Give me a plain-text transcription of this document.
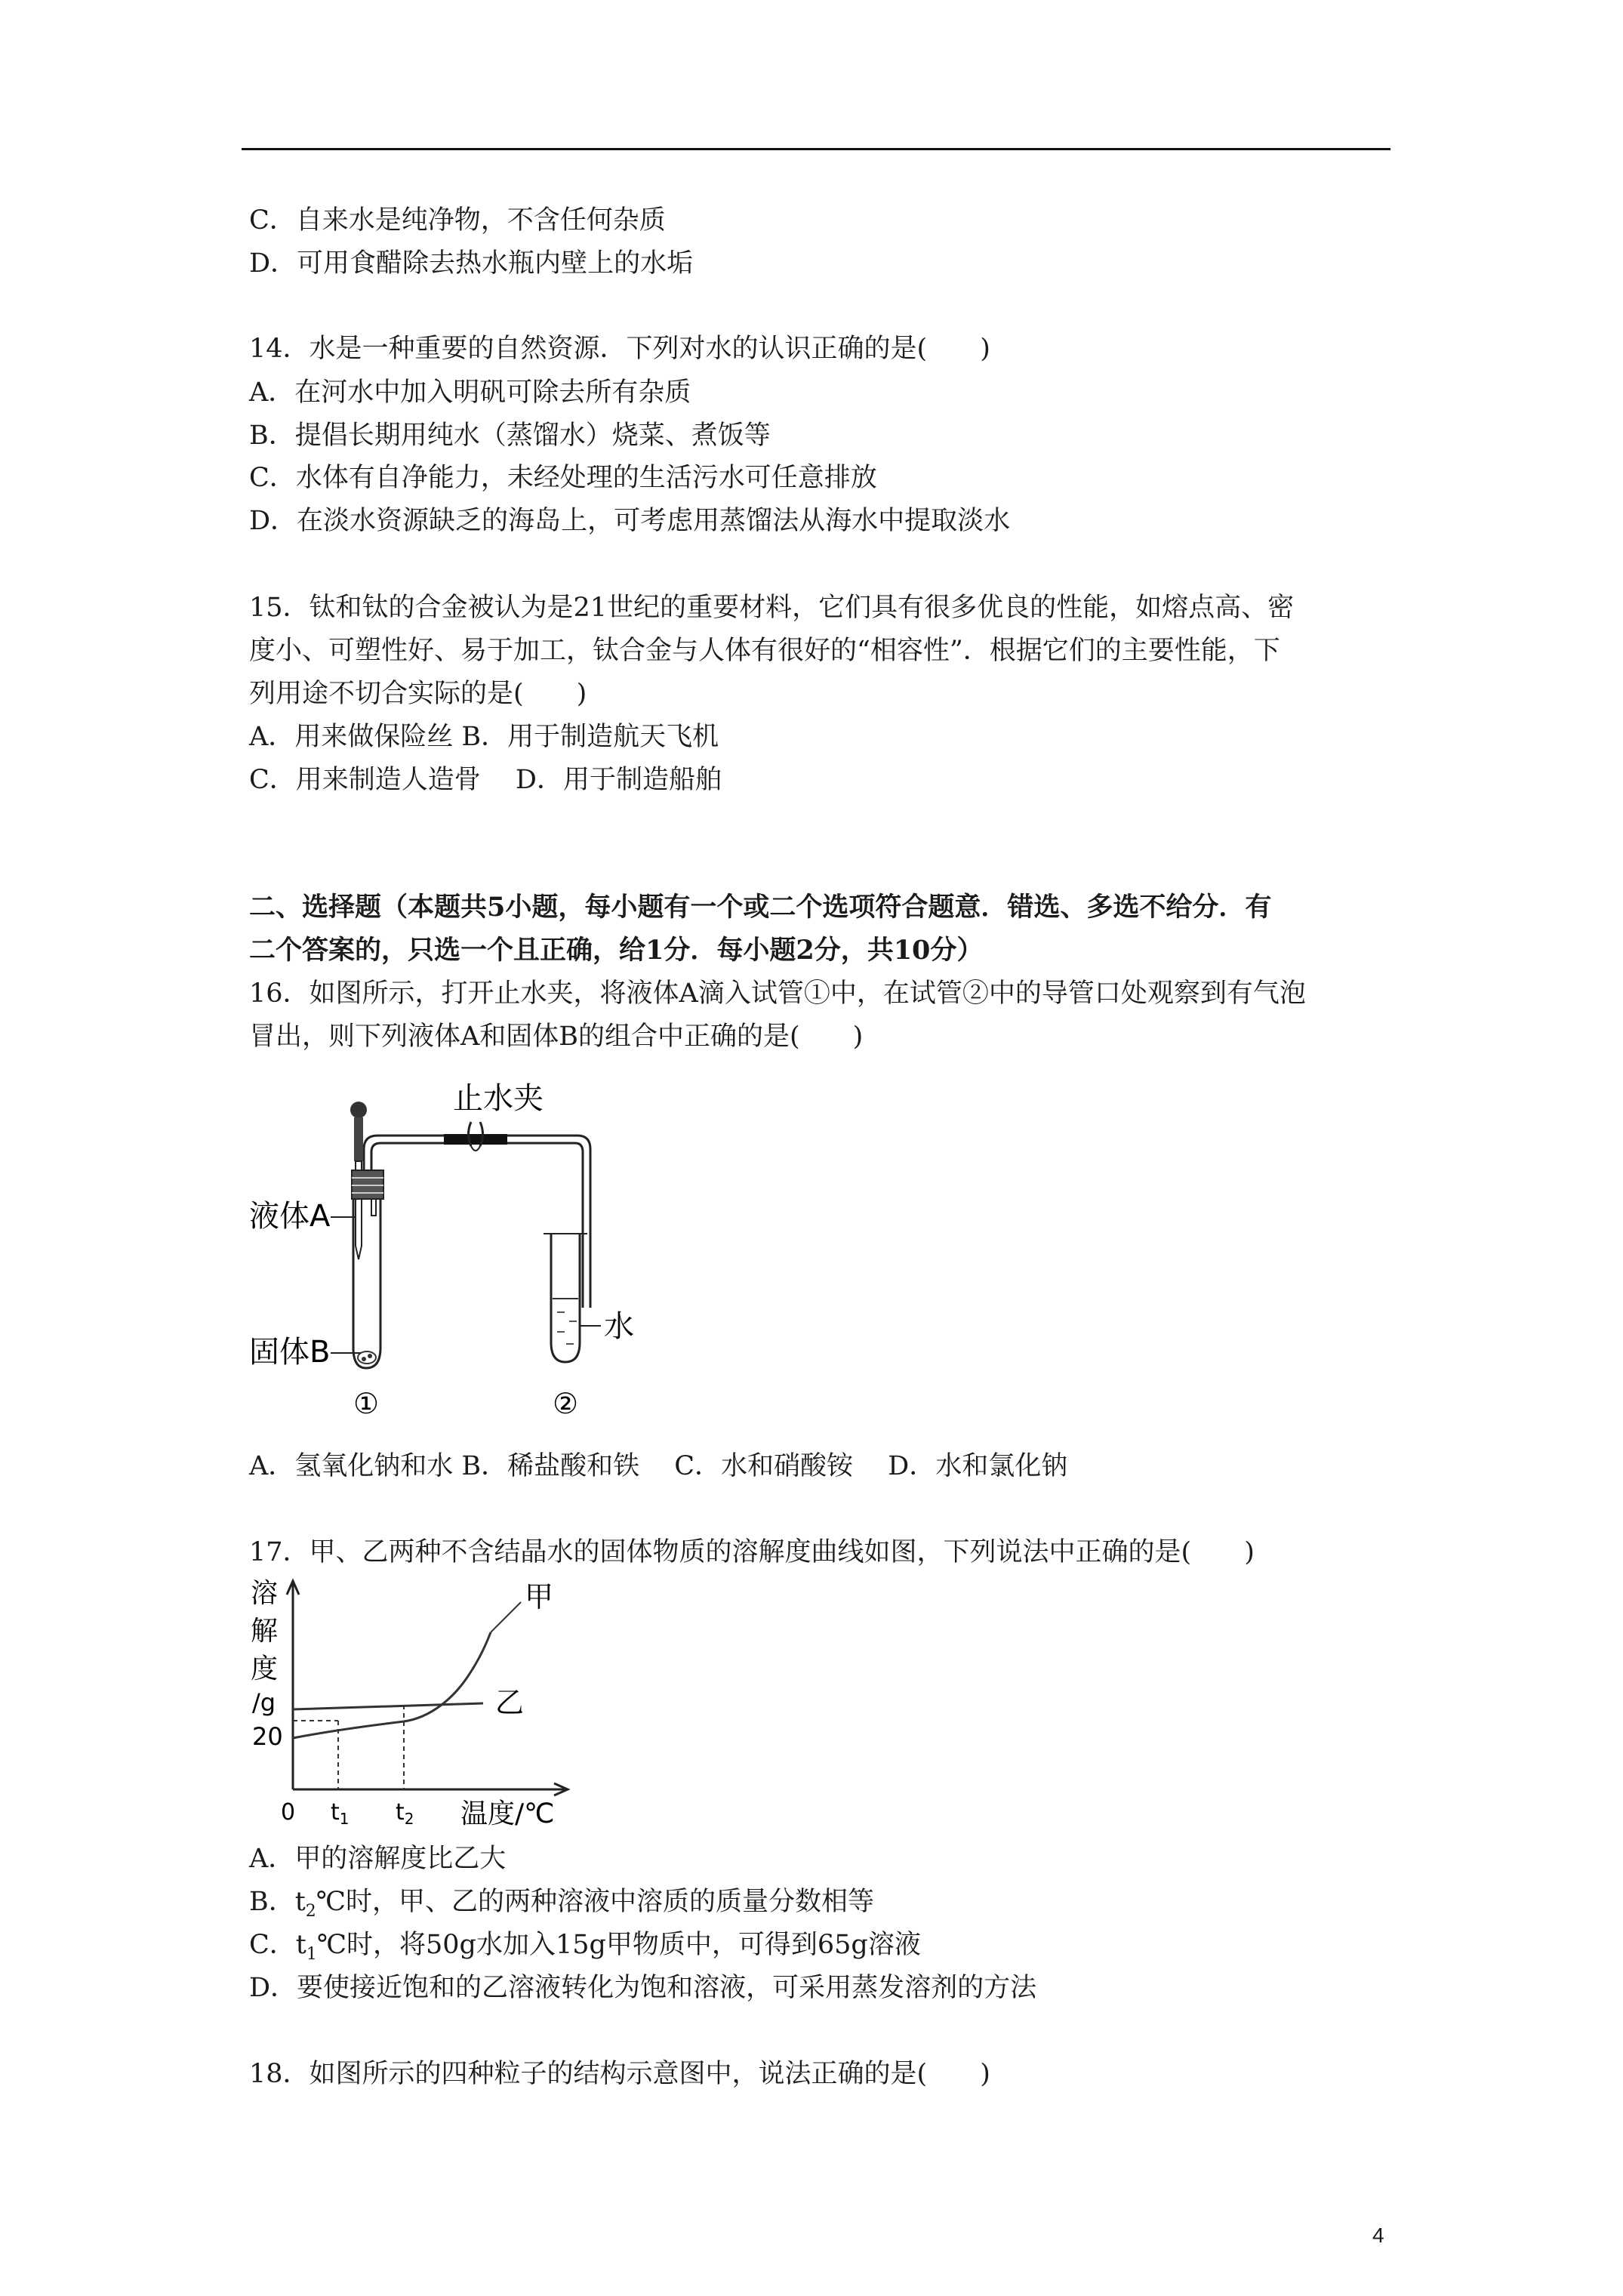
C．自来水是纯净物，不含任何杂质
D．可用食醋除去热水瓶内壁上的水垢
14．水是一种重要的自然资源．下列对水的认识正确的是(　　)
A．在河水中加入明矾可除去所有杂质
B．提倡长期用纯水（蒸馏水）烧菜、煮饭等
C．水体有自净能力，未经处理的生活污水可任意排放
D．在淡水资源缺乏的海岛上，可考虑用蒸馏法从海水中提取淡水
15．钛和钛的合金被认为是21世纪的重要材料，它们具有很多优良的性能，如熔点高、密
度小、可塑性好、易于加工，钛合金与人体有很好的“相容性”．根据它们的主要性能，下
列用途不切合实际的是(　　)
A．用来做保险丝 B．用于制造航天飞机
C．用来制造人造骨　 D．用于制造船舶
二、选择题（本题共5小题，每小题有一个或二个选项符合题意．错选、多选不给分．有
二个答案的，只选一个且正确，给1分．每小题2分，共10分）
16．如图所示，打开止水夹，将液体A滴入试管①中，在试管②中的导管口处观察到有气泡
冒出，则下列液体A和固体B的组合中正确的是(　　)
止水夹
液体A
固体B
①
水
②
A．氢氧化钠和水 B．稀盐酸和铁　 C．水和硝酸铵　 D．水和氯化钠
17．甲、乙两种不含结晶水的固体物质的溶解度曲线如图，下列说法中正确的是(　　)
溶
解
度
/g
20
甲
乙
0 $t_1$ $t_2$ 温度/℃
A．甲的溶解度比乙大
B．$t_2℃$时，甲、乙的两种溶液中溶质的质量分数相等
C．$t_1℃$时，将50g水加入15g甲物质中，可得到65g溶液
D．要使接近饱和的乙溶液转化为饱和溶液，可采用蒸发溶剂的方法
18．如图所示的四种粒子的结构示意图中，说法正确的是(　　)
4
